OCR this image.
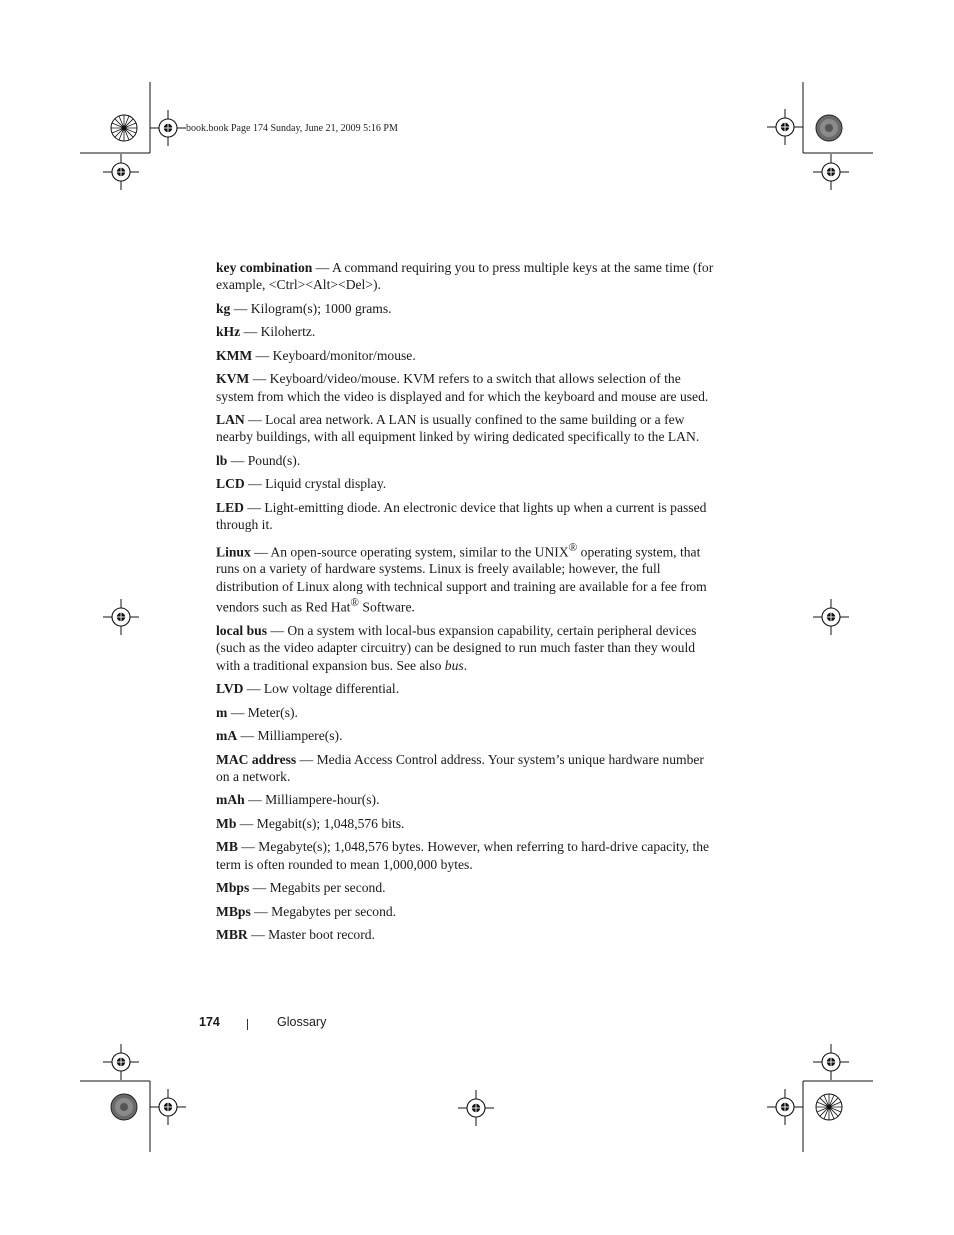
book.book Page 174 Sunday, June 21, 2009 5:16 PM

key combination — A command requiring you to press multiple keys at the same time (for example, <Ctrl><Alt><Del>).

kg — Kilogram(s); 1000 grams.

kHz — Kilohertz.

KMM — Keyboard/monitor/mouse.

KVM — Keyboard/video/mouse. KVM refers to a switch that allows selection of the system from which the video is displayed and for which the keyboard and mouse are used.

LAN — Local area network. A LAN is usually confined to the same building or a few nearby buildings, with all equipment linked by wiring dedicated specifically to the LAN.

lb — Pound(s).

LCD — Liquid crystal display.

LED — Light-emitting diode. An electronic device that lights up when a current is passed through it.

Linux — An open-source operating system, similar to the UNIX® operating system, that runs on a variety of hardware systems. Linux is freely available; however, the full distribution of Linux along with technical support and training are available for a fee from vendors such as Red Hat® Software.

local bus — On a system with local-bus expansion capability, certain peripheral devices (such as the video adapter circuitry) can be designed to run much faster than they would with a traditional expansion bus. See also bus.

LVD — Low voltage differential.

m — Meter(s).

mA — Milliampere(s).

MAC address — Media Access Control address. Your system’s unique hardware number on a network.

mAh — Milliampere-hour(s).

Mb — Megabit(s); 1,048,576 bits.

MB — Megabyte(s); 1,048,576 bytes. However, when referring to hard-drive capacity, the term is often rounded to mean 1,000,000 bytes.

Mbps — Megabits per second.

MBps — Megabytes per second.

MBR — Master boot record.

174	Glossary
